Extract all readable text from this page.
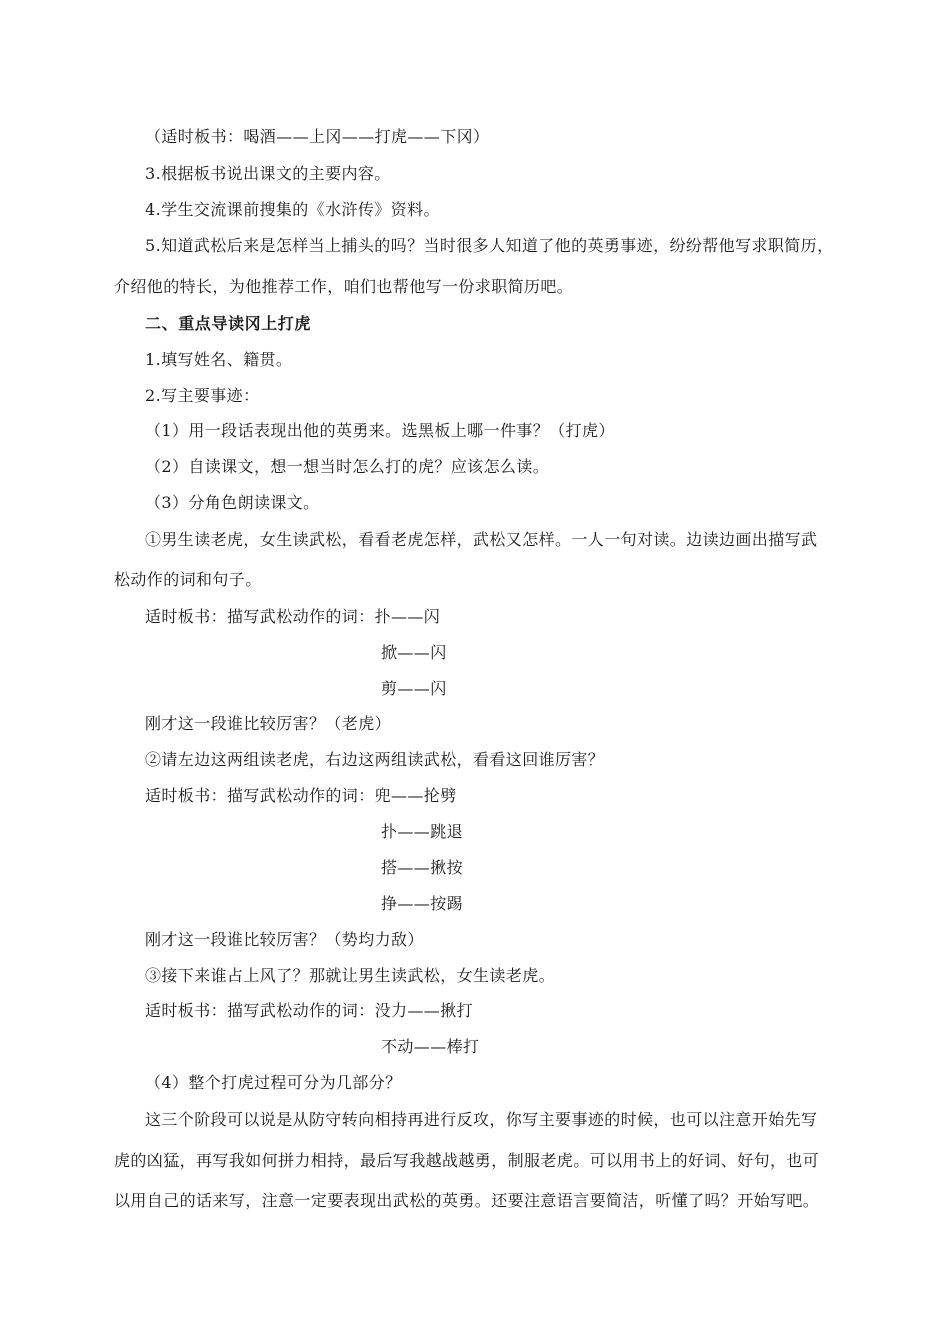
（适时板书：喝酒——上冈——打虎——下冈）
3.根据板书说出课文的主要内容。
4.学生交流课前搜集的《水浒传》资料。
5.知道武松后来是怎样当上捕头的吗？当时很多人知道了他的英勇事迹，纷纷帮他写求职简历，
介绍他的特长，为他推荐工作，咱们也帮他写一份求职简历吧。
二、重点导读冈上打虎
1.填写姓名、籍贯。
2.写主要事迹：
（1）用一段话表现出他的英勇来。选黑板上哪一件事？（打虎）
（2）自读课文，想一想当时怎么打的虎？应该怎么读。
（3）分角色朗读课文。
①男生读老虎，女生读武松，看看老虎怎样，武松又怎样。一人一句对读。边读边画出描写武
松动作的词和句子。
适时板书：描写武松动作的词：扑——闪
掀——闪
剪——闪
刚才这一段谁比较厉害？（老虎）
②请左边这两组读老虎，右边这两组读武松，看看这回谁厉害？
适时板书：描写武松动作的词：兜——抡劈
扑——跳退
搭——揪按
挣——按踢
刚才这一段谁比较厉害？（势均力敌）
③接下来谁占上风了？那就让男生读武松，女生读老虎。
适时板书：描写武松动作的词：没力——揪打
不动——棒打
（4）整个打虎过程可分为几部分？
这三个阶段可以说是从防守转向相持再进行反攻，你写主要事迹的时候，也可以注意开始先写
虎的凶猛，再写我如何拼力相持，最后写我越战越勇，制服老虎。可以用书上的好词、好句，也可
以用自己的话来写，注意一定要表现出武松的英勇。还要注意语言要简洁，听懂了吗？开始写吧。
